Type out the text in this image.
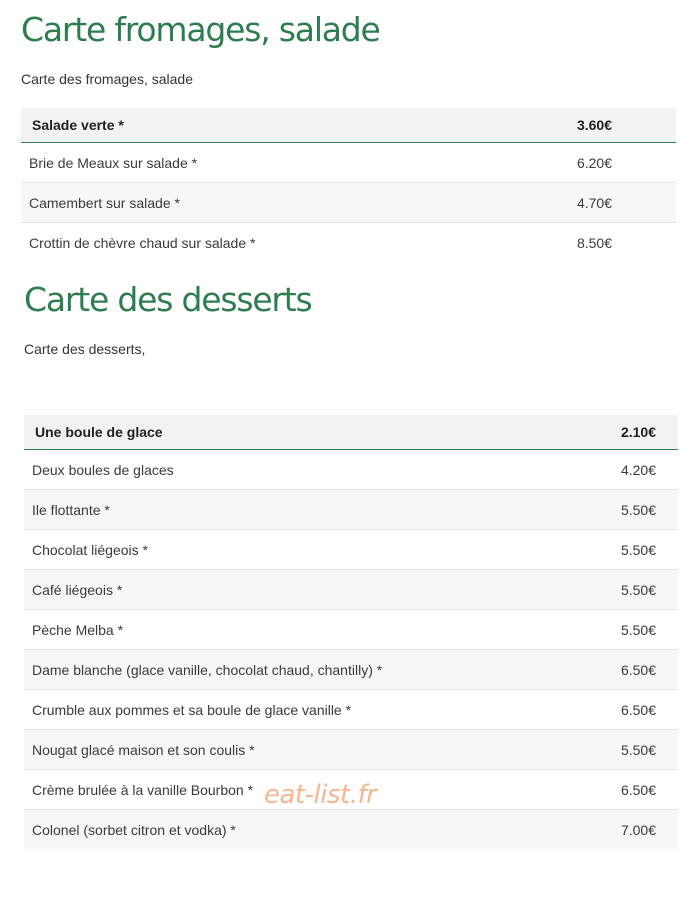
Carte fromages, salade

Carte des fromages, salade

Salade verte *	3.60€
Brie de Meaux sur salade *	6.20€
Camembert sur salade *	4.70€
Crottin de chèvre chaud sur salade *	8.50€
Carte des desserts

Carte des desserts,

Une boule de glace	2.10€
Deux boules de glaces	4.20€
Ile flottante *	5.50€
Chocolat liégeois *	5.50€
Café liégeois *	5.50€
Pèche Melba *	5.50€
Dame blanche (glace vanille, chocolat chaud, chantilly) *	6.50€
Crumble aux pommes et sa boule de glace vanille *	6.50€
Nougat glacé maison et son coulis *	5.50€
Crème brulée à la vanille Bourbon *	6.50€
Colonel (sorbet citron et vodka) *	7.00€
eat-list.fr
